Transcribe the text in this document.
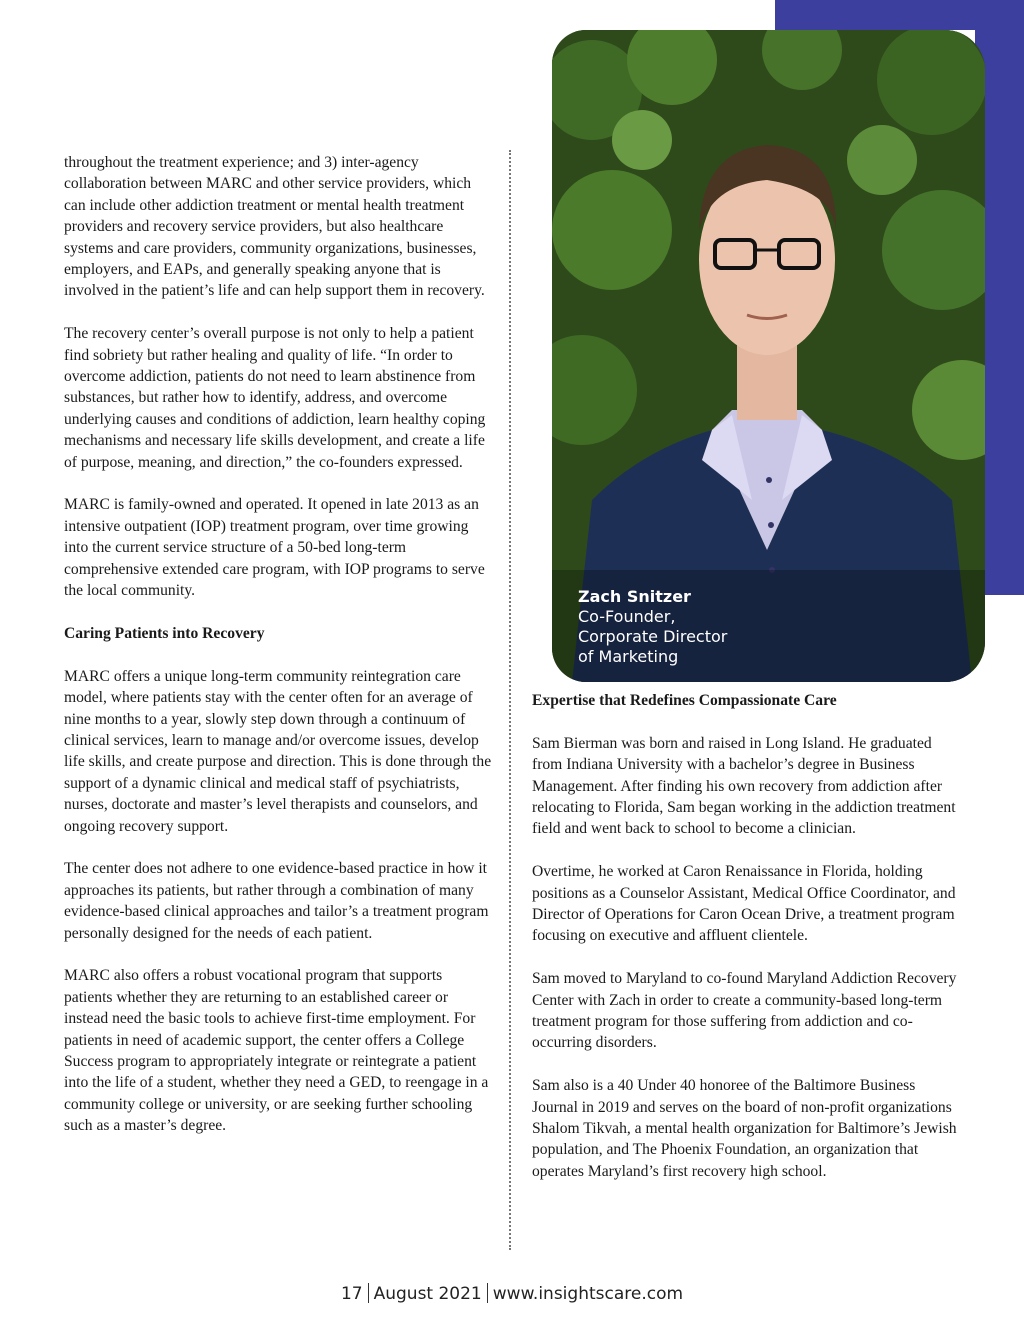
throughout the treatment experience; and 3) inter-agency collaboration between MARC and other service providers, which can include other addiction treatment or mental health treatment providers and recovery service providers, but also healthcare systems and care providers, community organizations, businesses, employers, and EAPs, and generally speaking anyone that is involved in the patient’s life and can help support them in recovery.

The recovery center’s overall purpose is not only to help a patient find sobriety but rather healing and quality of life. “In order to overcome addiction, patients do not need to learn abstinence from substances, but rather how to identify, address, and overcome underlying causes and conditions of addiction, learn healthy coping mechanisms and necessary life skills development, and create a life of purpose, meaning, and direction,” the co-founders expressed.

MARC is family-owned and operated. It opened in late 2013 as an intensive outpatient (IOP) treatment program, over time growing into the current service structure of a 50-bed long-term comprehensive extended care program, with IOP programs to serve the local community.

Caring Patients into Recovery

MARC offers a unique long-term community reintegration care model, where patients stay with the center often for an average of nine months to a year, slowly step down through a continuum of clinical services, learn to manage and/or overcome issues, develop life skills, and create purpose and direction. This is done through the support of a dynamic clinical and medical staff of psychiatrists, nurses, doctorate and master’s level therapists and counselors, and ongoing recovery support.

The center does not adhere to one evidence-based practice in how it approaches its patients, but rather through a combination of many evidence-based clinical approaches and tailor’s a treatment program personally designed for the needs of each patient.

MARC also offers a robust vocational program that supports patients whether they are returning to an established career or instead need the basic tools to achieve first-time employment. For patients in need of academic support, the center offers a College Success program to appropriately integrate or reintegrate a patient into the life of a student, whether they need a GED, to reengage in a community college or university, or are seeking further schooling such as a master’s degree.

Zach Snitzer
Co-Founder,
Corporate Director
of Marketing
Expertise that Redefines Compassionate Care

Sam Bierman was born and raised in Long Island. He graduated from Indiana University with a bachelor’s degree in Business Management. After finding his own recovery from addiction after relocating to Florida, Sam began working in the addiction treatment field and went back to school to become a clinician.

Overtime, he worked at Caron Renaissance in Florida, holding positions as a Counselor Assistant, Medical Office Coordinator, and Director of Operations for Caron Ocean Drive, a treatment program focusing on executive and affluent clientele.

Sam moved to Maryland to co-found Maryland Addiction Recovery Center with Zach in order to create a community-based long-term treatment program for those suffering from addiction and co-occurring disorders.

Sam also is a 40 Under 40 honoree of the Baltimore Business Journal in 2019 and serves on the board of non-profit organizations Shalom Tikvah, a mental health organization for Baltimore’s Jewish population, and The Phoenix Foundation, an organization that operates Maryland’s first recovery high school.

17 August 2021 www.insightscare.com
